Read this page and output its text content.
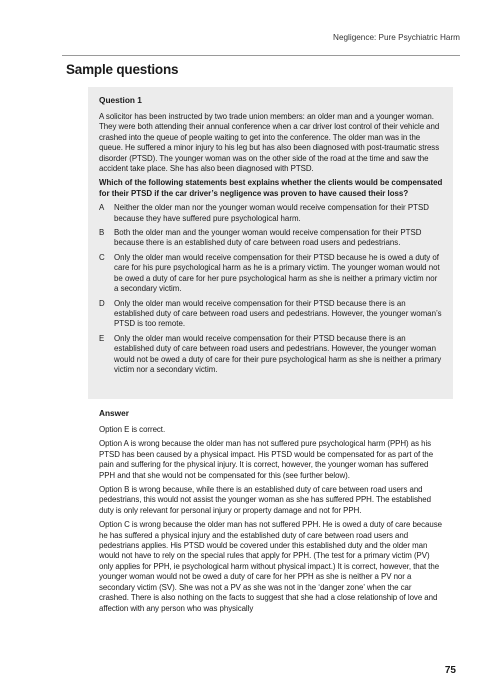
Negligence: Pure Psychiatric Harm
Sample questions
Question 1

A solicitor has been instructed by two trade union members: an older man and a younger woman. They were both attending their annual conference when a car driver lost control of their vehicle and crashed into the queue of people waiting to get into the conference. The older man was in the queue. He suffered a minor injury to his leg but has also been diagnosed with post-traumatic stress disorder (PTSD). The younger woman was on the other side of the road at the time and saw the accident take place. She has also been diagnosed with PTSD.

Which of the following statements best explains whether the clients would be compensated for their PTSD if the car driver’s negligence was proven to have caused their loss?

A	Neither the older man nor the younger woman would receive compensation for their PTSD because they have suffered pure psychological harm.
B	Both the older man and the younger woman would receive compensation for their PTSD because there is an established duty of care between road users and pedestrians.
C	Only the older man would receive compensation for their PTSD because he is owed a duty of care for his pure psychological harm as he is a primary victim. The younger woman would not be owed a duty of care for her pure psychological harm as she is neither a primary victim nor a secondary victim.
D	Only the older man would receive compensation for their PTSD because there is an established duty of care between road users and pedestrians. However, the younger woman’s PTSD is too remote.
E	Only the older man would receive compensation for their PTSD because there is an established duty of care between road users and pedestrians. However, the younger woman would not be owed a duty of care for their pure psychological harm as she is neither a primary victim nor a secondary victim.
Answer

Option E is correct.

Option A is wrong because the older man has not suffered pure psychological harm (PPH) as his PTSD has been caused by a physical impact. His PTSD would be compensated for as part of the pain and suffering for the physical injury. It is correct, however, the younger woman has suffered PPH and that she would not be compensated for this (see further below).

Option B is wrong because, while there is an established duty of care between road users and pedestrians, this would not assist the younger woman as she has suffered PPH. The established duty is only relevant for personal injury or property damage and not for PPH.

Option C is wrong because the older man has not suffered PPH. He is owed a duty of care because he has suffered a physical injury and the established duty of care between road users and pedestrians applies. His PTSD would be covered under this established duty and the older man would not have to rely on the special rules that apply for PPH. (The test for a primary victim (PV) only applies for PPH, ie psychological harm without physical impact.) It is correct, however, that the younger woman would not be owed a duty of care for her PPH as she is neither a PV nor a secondary victim (SV). She was not a PV as she was not in the ‘danger zone’ when the car crashed. There is also nothing on the facts to suggest that she had a close relationship of love and affection with any person who was physically

75
